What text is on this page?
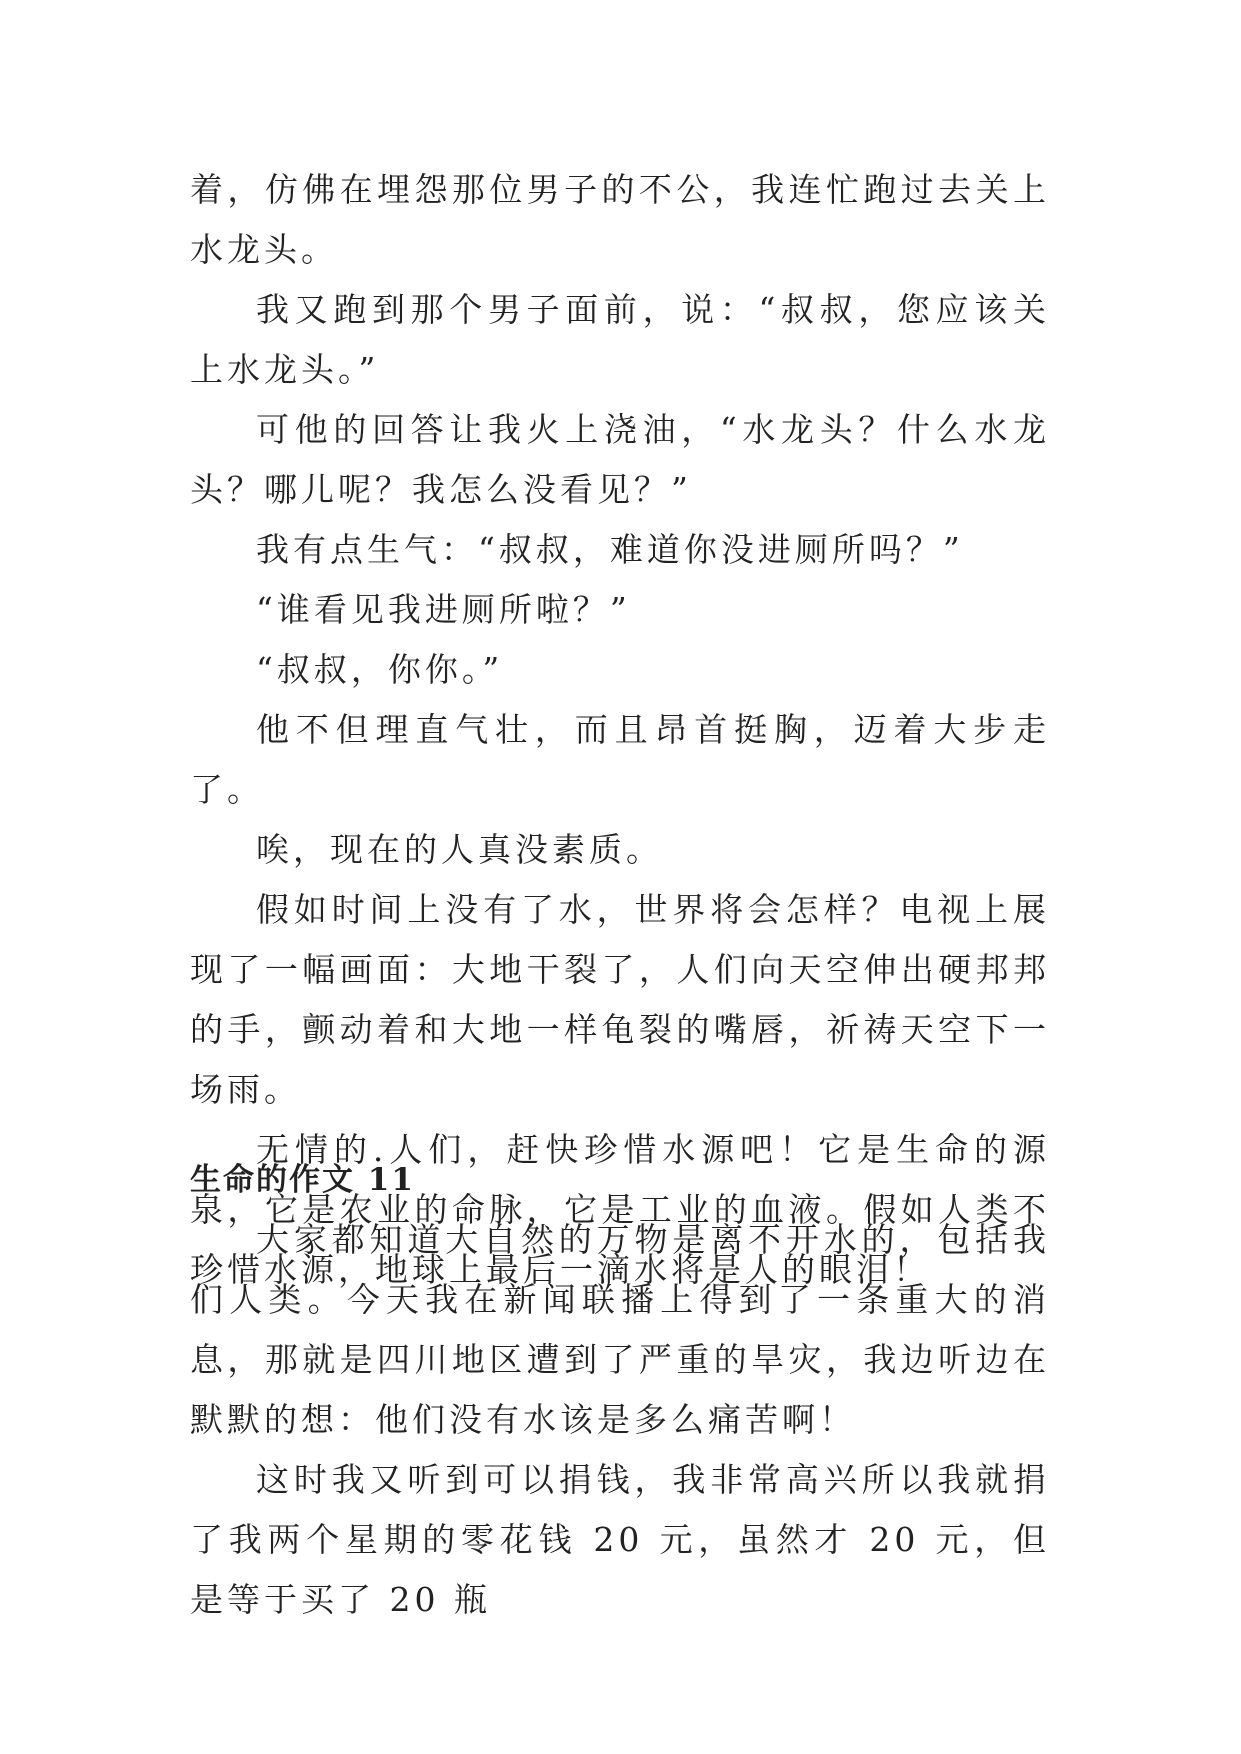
着，仿佛在埋怨那位男子的不公，我连忙跑过去关上水龙头。

我又跑到那个男子面前，说：“叔叔，您应该关上水龙头。”

可他的回答让我火上浇油，“水龙头？什么水龙头？哪儿呢？我怎么没看见？”

我有点生气：“叔叔，难道你没进厕所吗？”

“谁看见我进厕所啦？”

“叔叔，你你。”

他不但理直气壮，而且昂首挺胸，迈着大步走了。

唉，现在的人真没素质。

假如时间上没有了水，世界将会怎样？电视上展现了一幅画面：大地干裂了，人们向天空伸出硬邦邦的手，颤动着和大地一样龟裂的嘴唇，祈祷天空下一场雨。

无情的.人们，赶快珍惜水源吧！它是生命的源泉，它是农业的命脉，它是工业的血液。假如人类不珍惜水源，地球上最后一滴水将是人的眼泪！

生命的作文 11

大家都知道大自然的万物是离不开水的，包括我们人类。今天我在新闻联播上得到了一条重大的消息，那就是四川地区遭到了严重的旱灾，我边听边在默默的想：他们没有水该是多么痛苦啊！

这时我又听到可以捐钱，我非常高兴所以我就捐了我两个星期的零花钱 20 元，虽然才 20 元，但是等于买了 20 瓶
